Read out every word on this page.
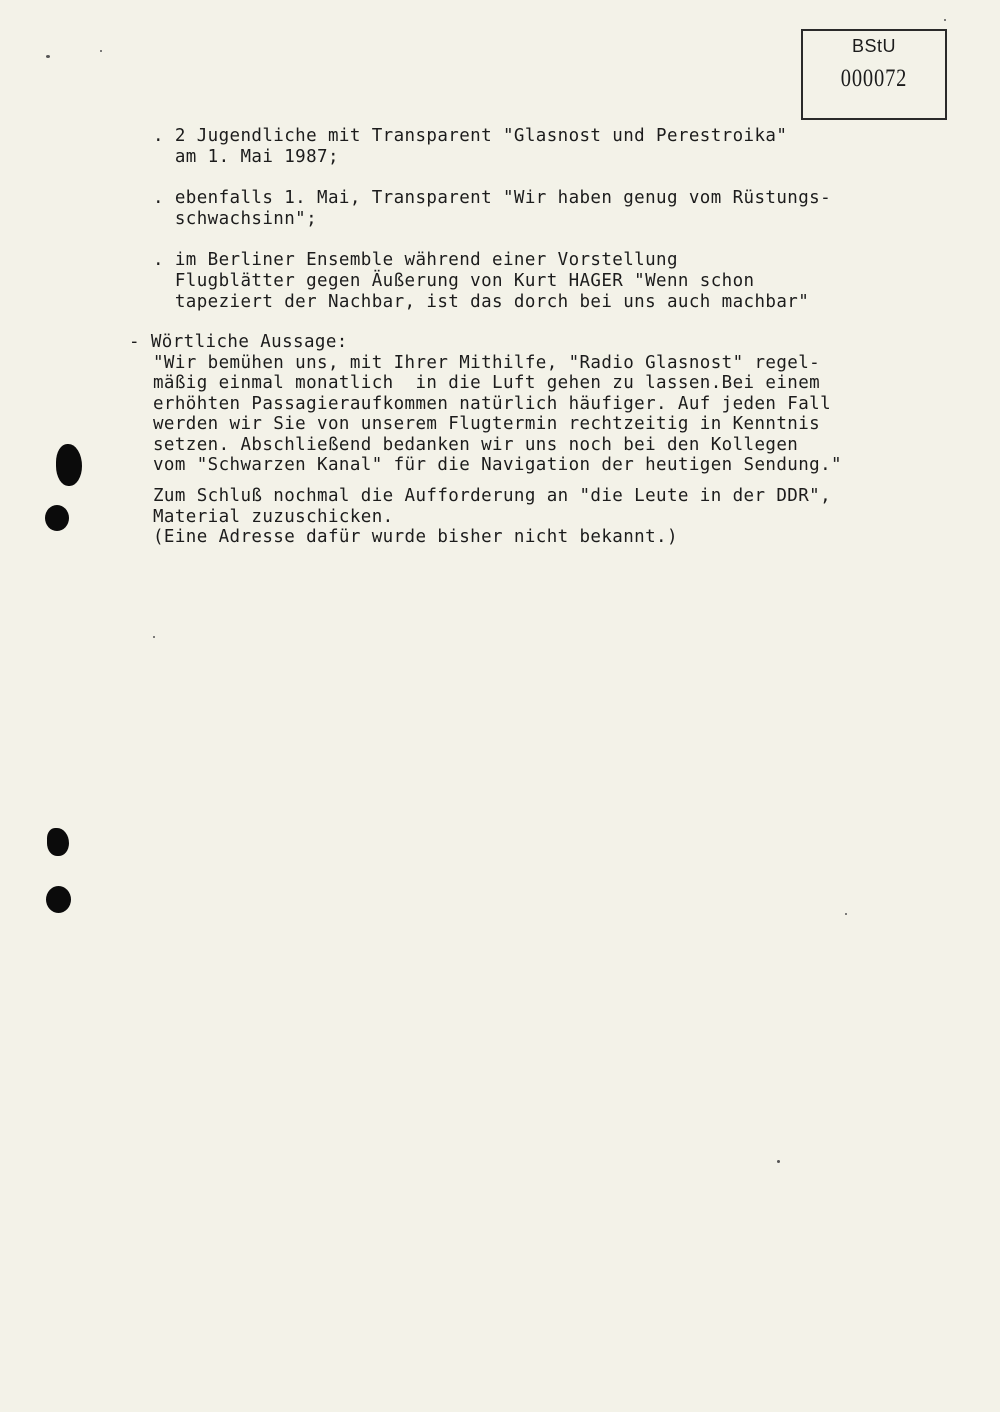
BStU
000072
. 2 Jugendliche mit Transparent "Glasnost und Perestroika"
am 1. Mai 1987;
. ebenfalls 1. Mai, Transparent "Wir haben genug vom Rüstungs-
schwachsinn";
. im Berliner Ensemble während einer Vorstellung
Flugblätter gegen Äußerung von Kurt HAGER "Wenn schon
tapeziert der Nachbar, ist das dorch bei uns auch machbar"
- Wörtliche Aussage:
"Wir bemühen uns, mit Ihrer Mithilfe, "Radio Glasnost" regel-
mäßig einmal monatlich  in die Luft gehen zu lassen.Bei einem
erhöhten Passagieraufkommen natürlich häufiger. Auf jeden Fall
werden wir Sie von unserem Flugtermin rechtzeitig in Kenntnis
setzen. Abschließend bedanken wir uns noch bei den Kollegen
vom "Schwarzen Kanal" für die Navigation der heutigen Sendung."
Zum Schluß nochmal die Aufforderung an "die Leute in der DDR",
Material zuzuschicken.
(Eine Adresse dafür wurde bisher nicht bekannt.)
